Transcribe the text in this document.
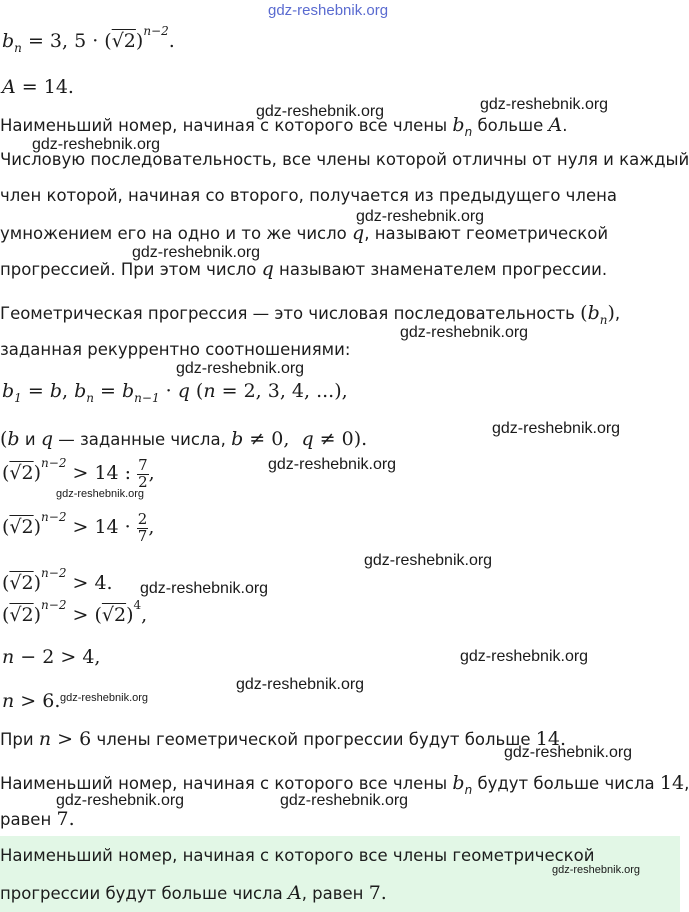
$b_n = 3$, $5 \cdot (√2)^{n-2}$.
A = 14.
Наименьший номер, начиная с которого все члены $b_n$ больше A.
Числовую последовательность, все члены которой отличны от нуля и каждый
член которой, начиная со второго, получается из предыдущего члена
умножением его на одно и то же число q, называют геометрической
прогрессией. При этом число q называют знаменателем прогрессии.
Геометрическая прогрессия — это числовая последовательность $(b_n)$,
заданная рекуррентно соотношениями:
$b_1 = b$, $b_n = b_{n-1} \cdot q$ (n = 2, 3, 4, ...),
(b и q — заданные числа, b ≠ 0,  q ≠ 0).
$(√2)^{n-2} > 14$ : $\frac{7}{2}$ ,
$(√2)^{n-2} > 14 \cdot \frac{2}{7}$ ,
$(√2)^{n-2} > 4$.
$(√2)^{n-2} > (√2)^4$,
n − 2 > 4,
n > 6.
При n > 6 члены геометрической прогрессии будут больше 14.
Наименьший номер, начиная с которого все члены $b_n$ будут больше числа 14,
равен 7.
Наименьший номер, начиная с которого все члены геометрической
прогрессии будут больше числа A, равен 7.
gdz-reshebnik.org
gdz-reshebnik.org	gdz-reshebnik.org
gdz-reshebnik.org
gdz-reshebnik.org
gdz-reshebnik.org
gdz-reshebnik.org
gdz-reshebnik.org
gdz-reshebnik.org
gdz-reshebnik.org
gdz-reshebnik.org
gdz-reshebnik.org
gdz-reshebnik.org
gdz-reshebnik.org
gdz-reshebnik.org
gdz-reshebnik.org
gdz-reshebnik.org
gdz-reshebnik.org	gdz-reshebnik.org
gdz-reshebnik.org
